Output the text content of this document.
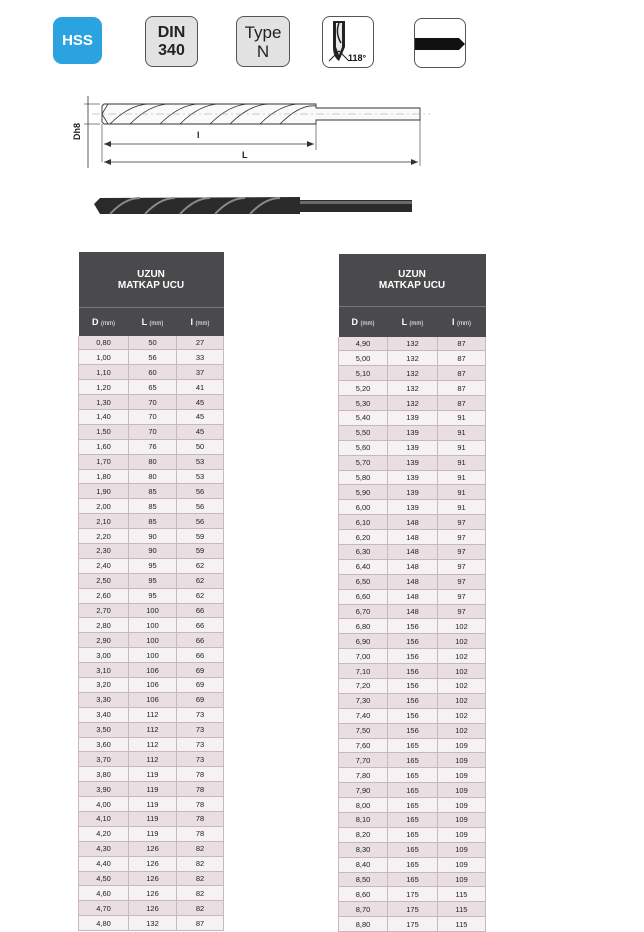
HSS	DIN
340
Type
N	118°
Dh8	l
L
UZUN
MATKAP UCU		

D (mm)	L (mm)	l (mm)
0,80	50	27
1,00	56	33
1,10	60	37
1,20	65	41
1,30	70	45
1,40	70	45
1,50	70	45
1,60	76	50
1,70	80	53
1,80	80	53
1,90	85	56
2,00	85	56
2,10	85	56
2,20	90	59
2,30	90	59
2,40	95	62
2,50	95	62
2,60	95	62
2,70	100	66
2,80	100	66
2,90	100	66
3,00	100	66
3,10	106	69
3,20	106	69
3,30	106	69
3,40	112	73
3,50	112	73
3,60	112	73
3,70	112	73
3,80	119	78
3,90	119	78
4,00	119	78
4,10	119	78
4,20	119	78
4,30	126	82
4,40	126	82
4,50	126	82
4,60	126	82
4,70	126	82
4,80	132	87
UZUN
MATKAP UCU		

D (mm)	L (mm)	l (mm)
4,90	132	87
5,00	132	87
5,10	132	87
5,20	132	87
5,30	132	87
5,40	139	91
5,50	139	91
5,60	139	91
5,70	139	91
5,80	139	91
5,90	139	91
6,00	139	91
6,10	148	97
6,20	148	97
6,30	148	97
6,40	148	97
6,50	148	97
6,60	148	97
6,70	148	97
6,80	156	102
6,90	156	102
7,00	156	102
7,10	156	102
7,20	156	102
7,30	156	102
7,40	156	102
7,50	156	102
7,60	165	109
7,70	165	109
7,80	165	109
7,90	165	109
8,00	165	109
8,10	165	109
8,20	165	109
8,30	165	109
8,40	165	109
8,50	165	109
8,60	175	115
8,70	175	115
8,80	175	115
